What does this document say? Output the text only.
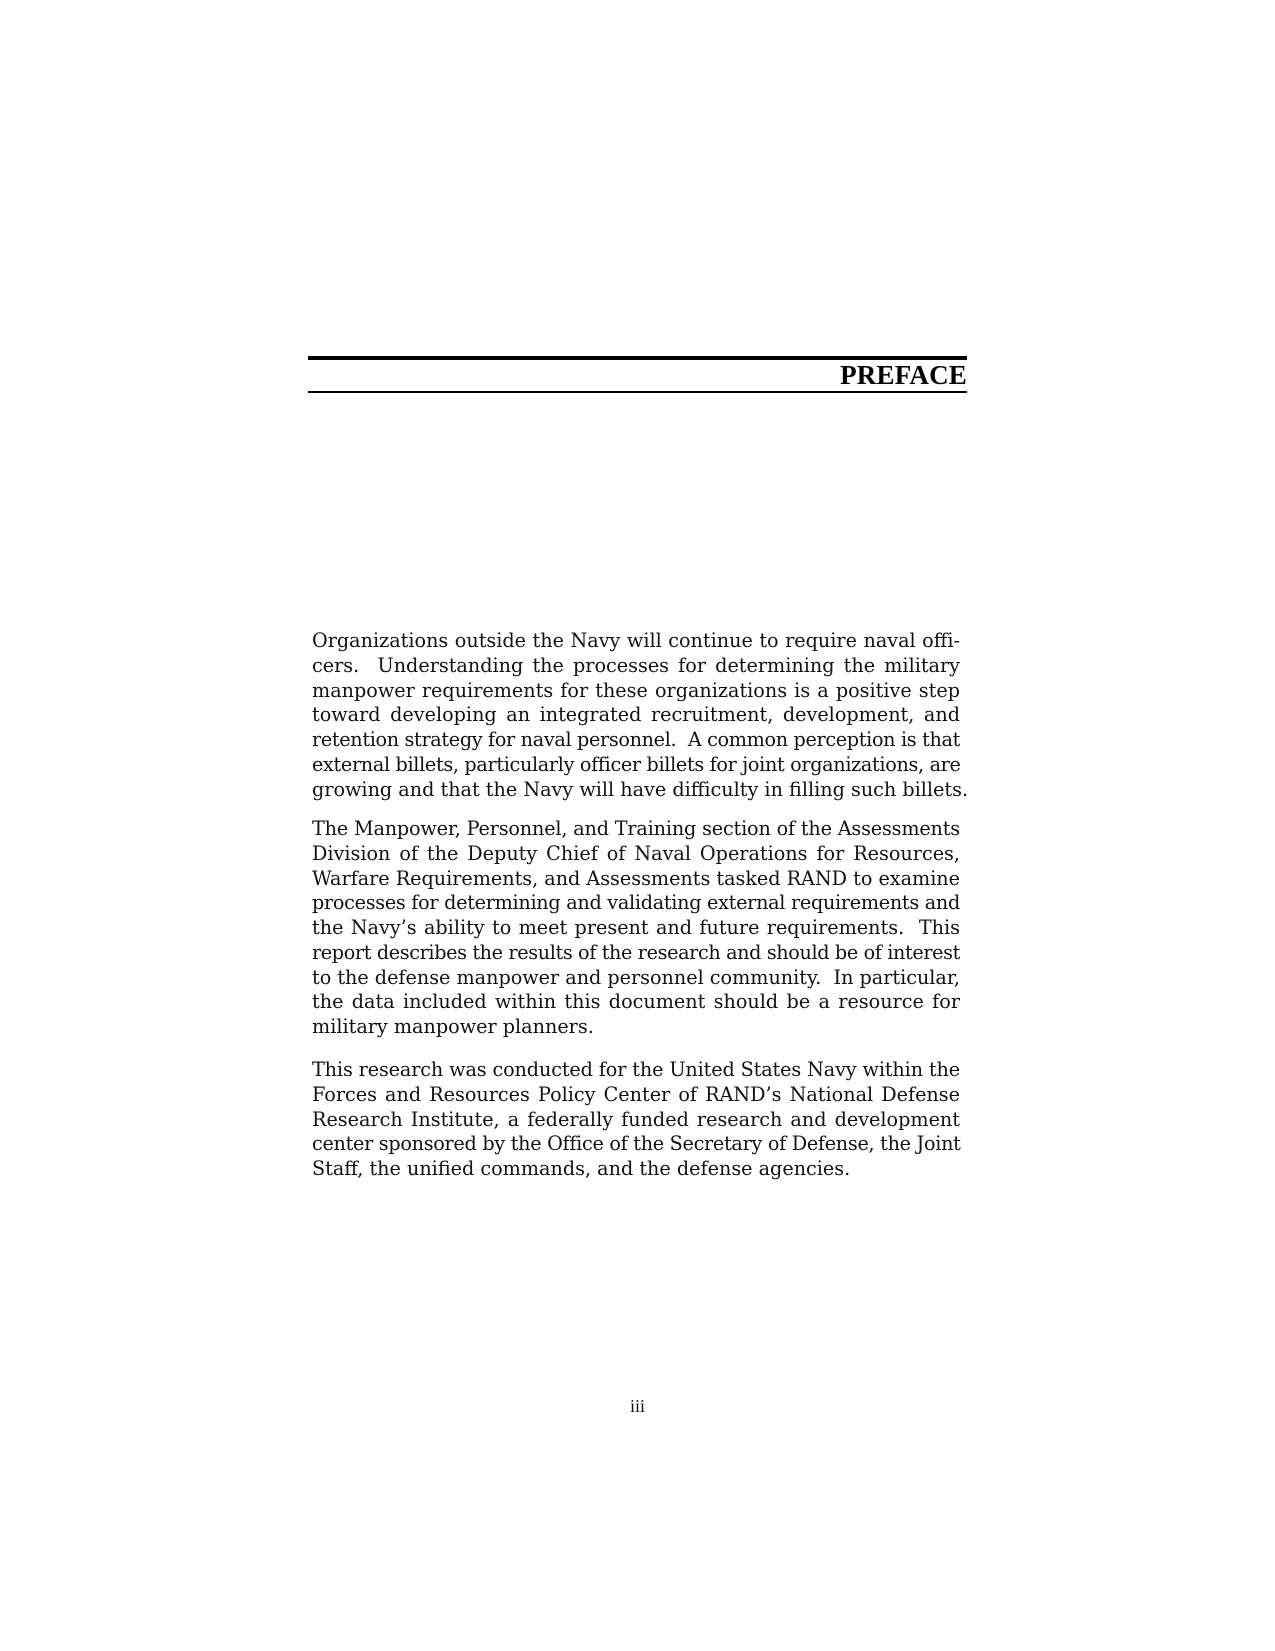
PREFACE
Organizations outside the Navy will continue to require naval offi-
cers.  Understanding the processes for determining the military
manpower requirements for these organizations is a positive step
toward developing an integrated recruitment, development, and
retention strategy for naval personnel.  A common perception is that
external billets, particularly officer billets for joint organizations, are
growing and that the Navy will have difficulty in filling such billets.
The Manpower, Personnel, and Training section of the Assessments
Division of the Deputy Chief of Naval Operations for Resources,
Warfare Requirements, and Assessments tasked RAND to examine
processes for determining and validating external requirements and
the Navy’s ability to meet present and future requirements.  This
report describes the results of the research and should be of interest
to the defense manpower and personnel community.  In particular,
the data included within this document should be a resource for
military manpower planners.
This research was conducted for the United States Navy within the
Forces and Resources Policy Center of RAND’s National Defense
Research Institute, a federally funded research and development
center sponsored by the Office of the Secretary of Defense, the Joint
Staff, the unified commands, and the defense agencies.
iii
